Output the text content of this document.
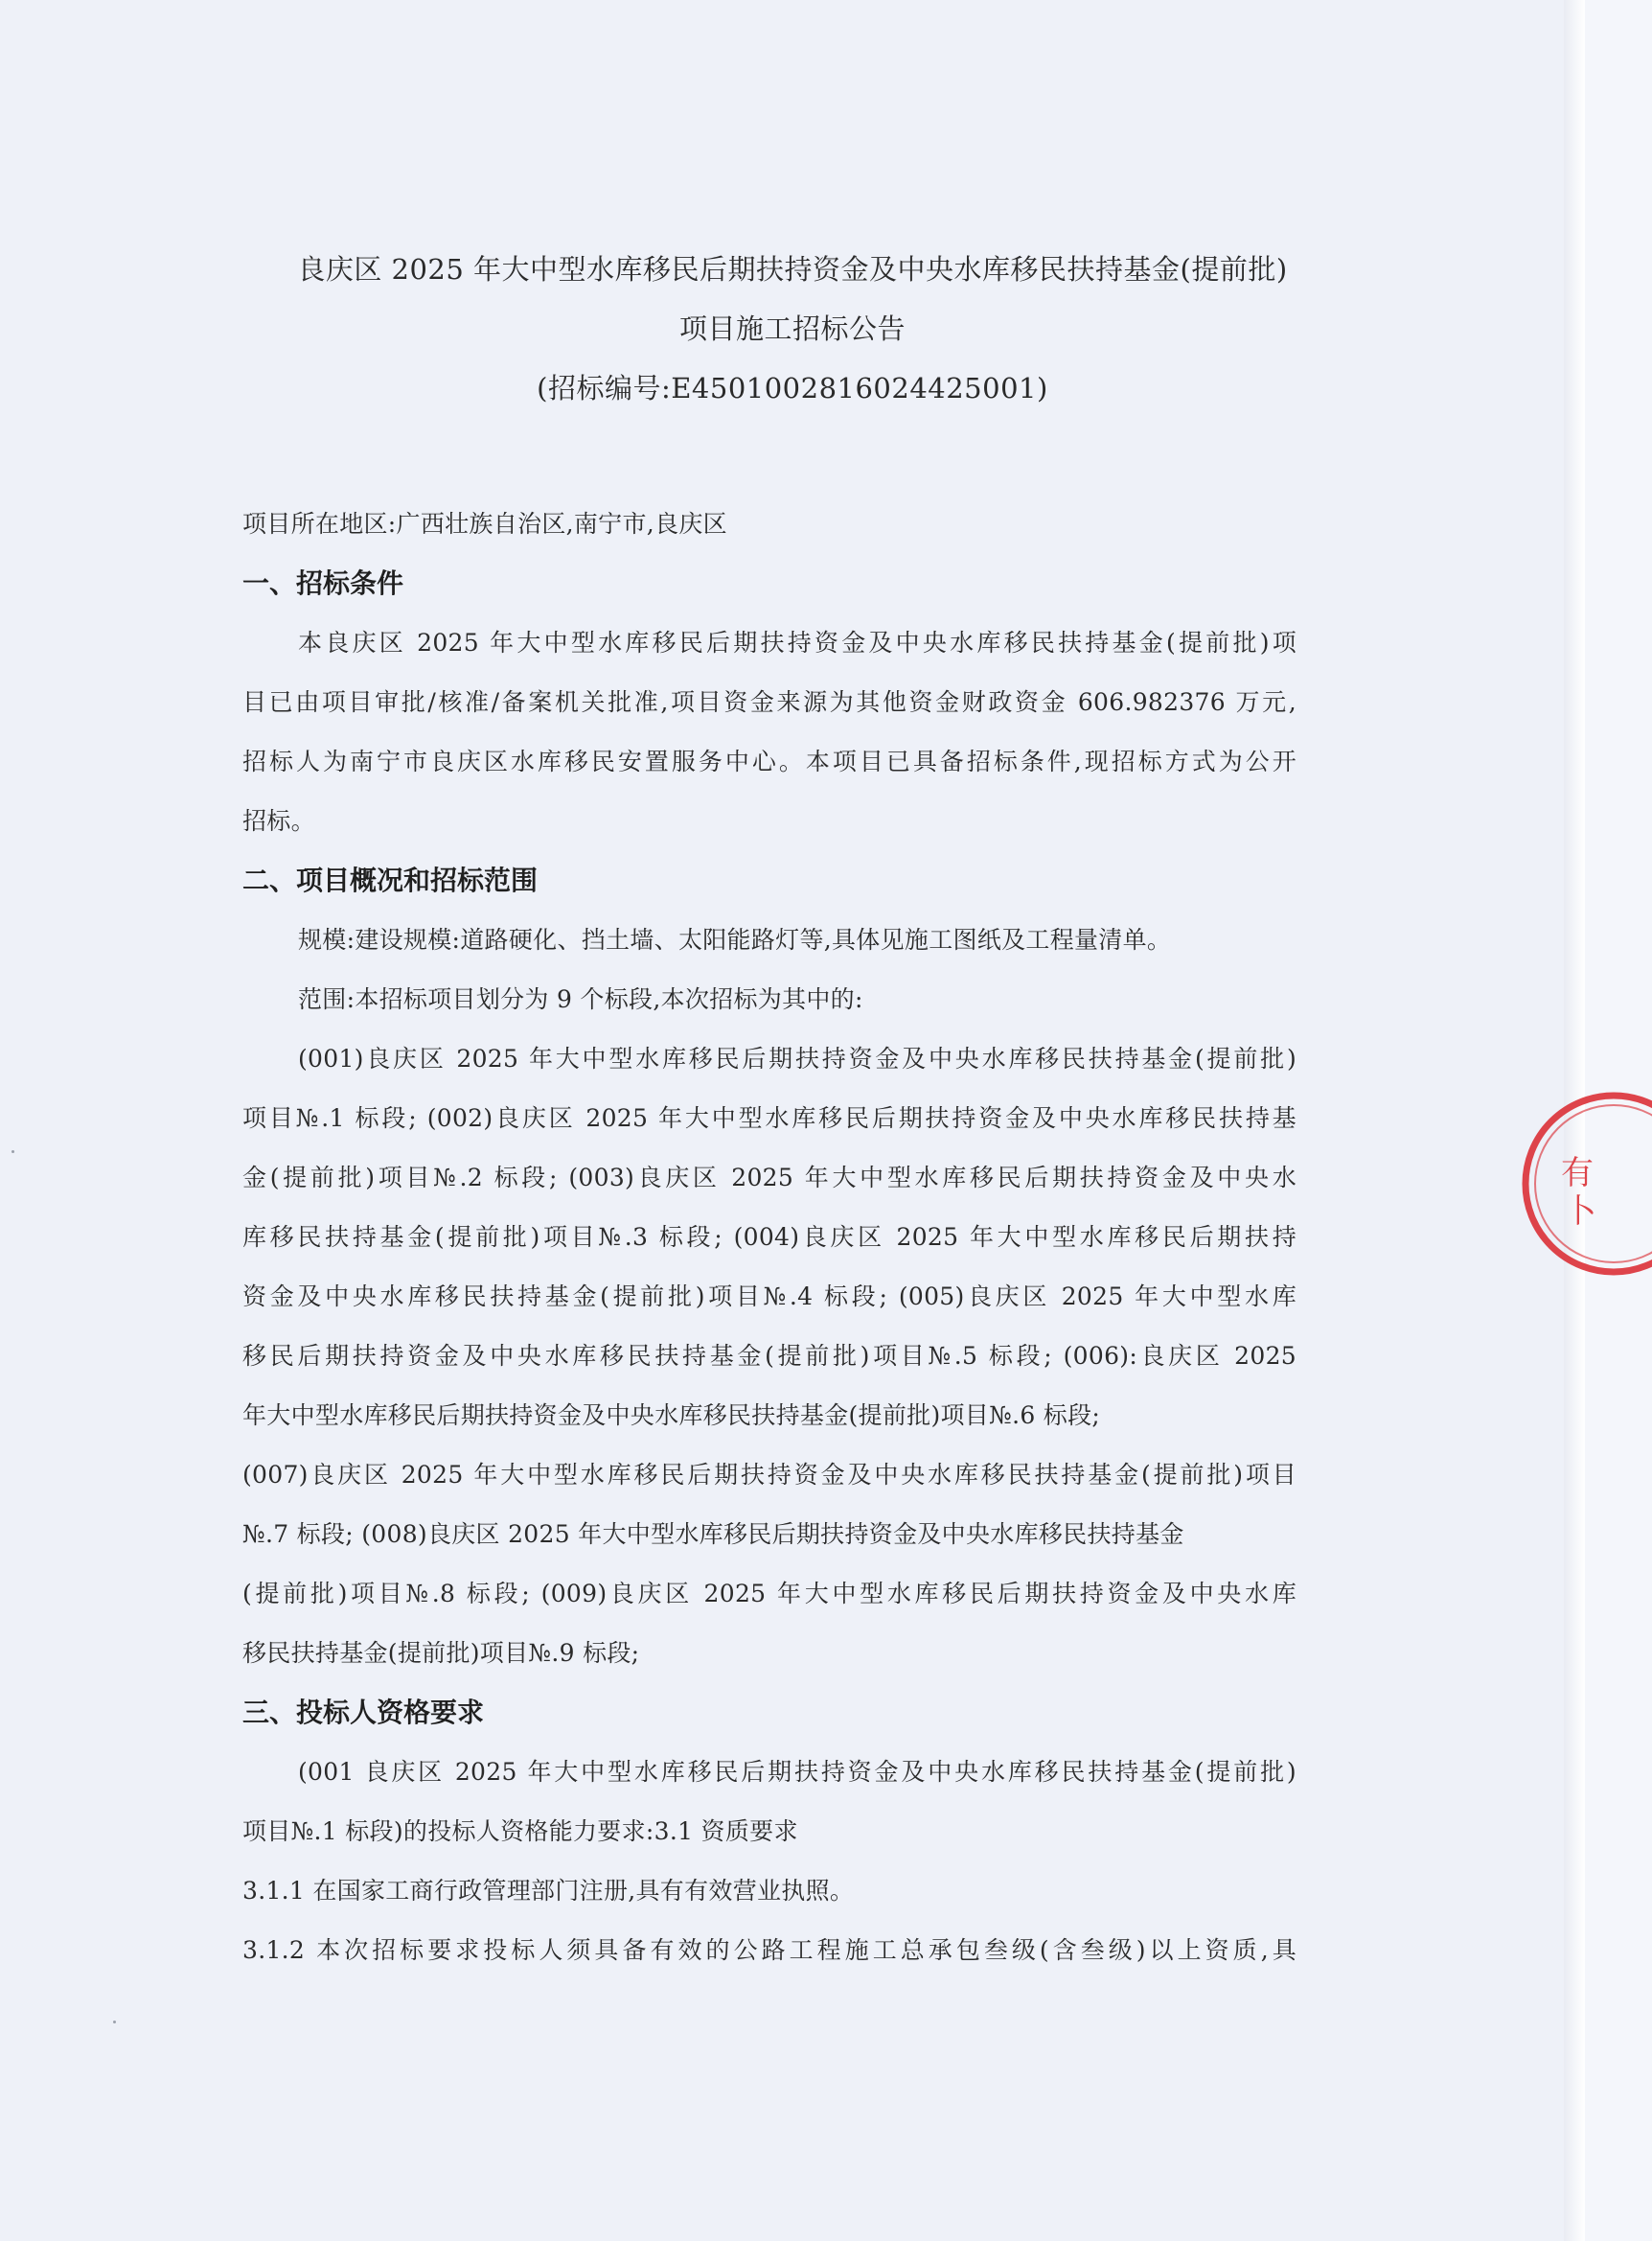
良庆区 2025 年大中型水库移民后期扶持资金及中央水库移民扶持基金(提前批)
项目施工招标公告
(招标编号:E4501002816024425001)
项目所在地区:广西壮族自治区,南宁市,良庆区
一、招标条件
本良庆区 2025 年大中型水库移民后期扶持资金及中央水库移民扶持基金(提前批)项
目已由项目审批/核准/备案机关批准,项目资金来源为其他资金财政资金 606.982376 万元,
招标人为南宁市良庆区水库移民安置服务中心。本项目已具备招标条件,现招标方式为公开
招标。
二、项目概况和招标范围
规模:建设规模:道路硬化、挡土墙、太阳能路灯等,具体见施工图纸及工程量清单。
范围:本招标项目划分为 9 个标段,本次招标为其中的:
(001)良庆区 2025 年大中型水库移民后期扶持资金及中央水库移民扶持基金(提前批)
项目№.1 标段; (002)良庆区 2025 年大中型水库移民后期扶持资金及中央水库移民扶持基
金(提前批)项目№.2 标段; (003)良庆区 2025 年大中型水库移民后期扶持资金及中央水
库移民扶持基金(提前批)项目№.3 标段; (004)良庆区 2025 年大中型水库移民后期扶持
资金及中央水库移民扶持基金(提前批)项目№.4 标段; (005)良庆区 2025 年大中型水库
移民后期扶持资金及中央水库移民扶持基金(提前批)项目№.5 标段; (006):良庆区 2025
年大中型水库移民后期扶持资金及中央水库移民扶持基金(提前批)项目№.6 标段;
(007)良庆区 2025 年大中型水库移民后期扶持资金及中央水库移民扶持基金(提前批)项目
№.7 标段; (008)良庆区 2025 年大中型水库移民后期扶持资金及中央水库移民扶持基金
(提前批)项目№.8 标段; (009)良庆区 2025 年大中型水库移民后期扶持资金及中央水库
移民扶持基金(提前批)项目№.9 标段;
三、投标人资格要求
(001 良庆区 2025 年大中型水库移民后期扶持资金及中央水库移民扶持基金(提前批)
项目№.1 标段)的投标人资格能力要求:3.1 资质要求
3.1.1 在国家工商行政管理部门注册,具有有效营业执照。
3.1.2 本次招标要求投标人须具备有效的公路工程施工总承包叁级(含叁级)以上资质,具
有
卜
